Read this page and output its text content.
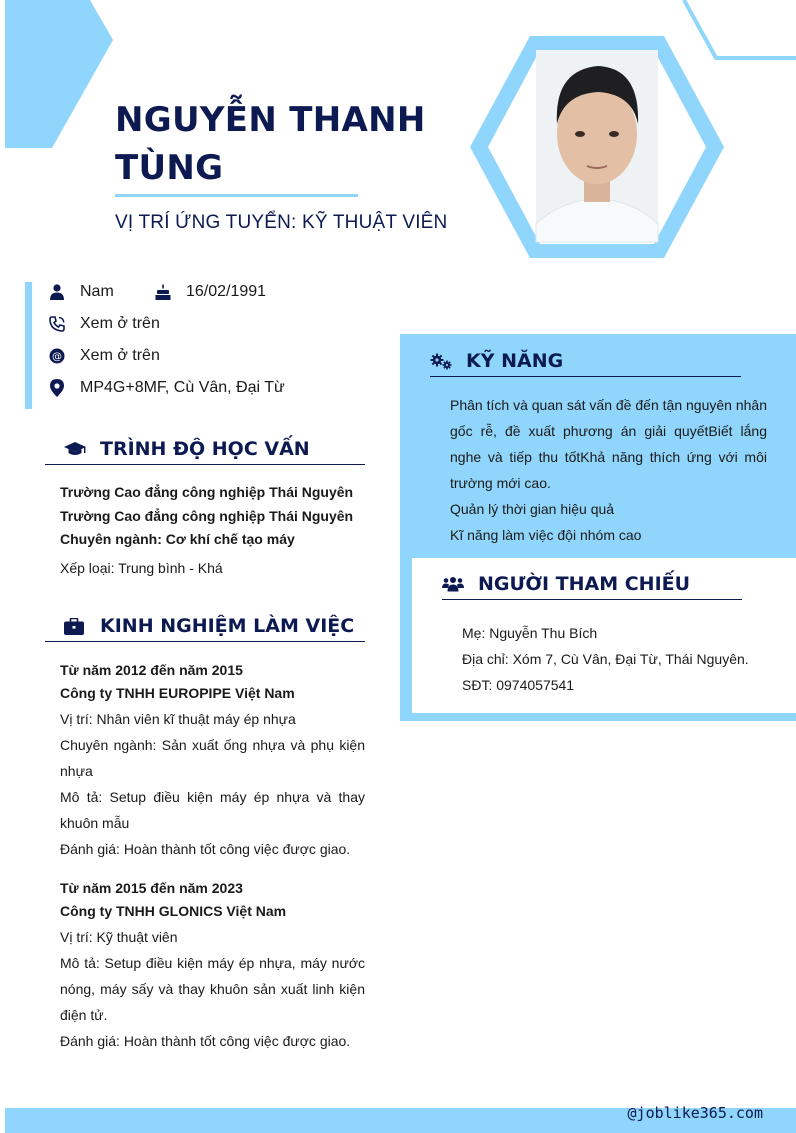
NGUYỄN THANH
TÙNG
VỊ TRÍ ỨNG TUYỂN: KỸ THUẬT VIÊN
Nam	16/02/1991
Xem ở trên
@ Xem ở trên
MP4G+8MF, Cù Vân, Đại Từ
TRÌNH ĐỘ HỌC VẤN
Trường Cao đẳng công nghiệp Thái Nguyên
Trường Cao đẳng công nghiệp Thái Nguyên
Chuyên ngành: Cơ khí chế tạo máy
Xếp loại: Trung bình - Khá
KINH NGHIỆM LÀM VIỆC
Từ năm 2012 đến năm 2015
Công ty TNHH EUROPIPE Việt Nam
Vị trí: Nhân viên kĩ thuật máy ép nhựa
Chuyên ngành: Sản xuất ống nhựa và phụ kiện nhựa
Mô tả: Setup điều kiện máy ép nhựa và thay khuôn mẫu
Đánh giá: Hoàn thành tốt công việc được giao.
Từ năm 2015 đến năm 2023
Công ty TNHH GLONICS Việt Nam
Vị trí: Kỹ thuật viên
Mô tả: Setup điều kiện máy ép nhựa, máy nước nóng, máy sấy và thay khuôn sản xuất linh kiện điện tử.
Đánh giá: Hoàn thành tốt công việc được giao.
KỸ NĂNG
Phân tích và quan sát vấn đề đến tận nguyên nhân gốc rễ, đề xuất phương án giải quyếtBiết lắng nghe và tiếp thu tốtKhả năng thích ứng với môi trường mới cao.
Quản lý thời gian hiệu quả
Kĩ năng làm việc đội nhóm cao
NGƯỜI THAM CHIẾU
Mẹ: Nguyễn Thu Bích
Địa chỉ: Xóm 7, Cù Vân, Đại Từ, Thái Nguyên.
SĐT: 0974057541
@joblike365.com
